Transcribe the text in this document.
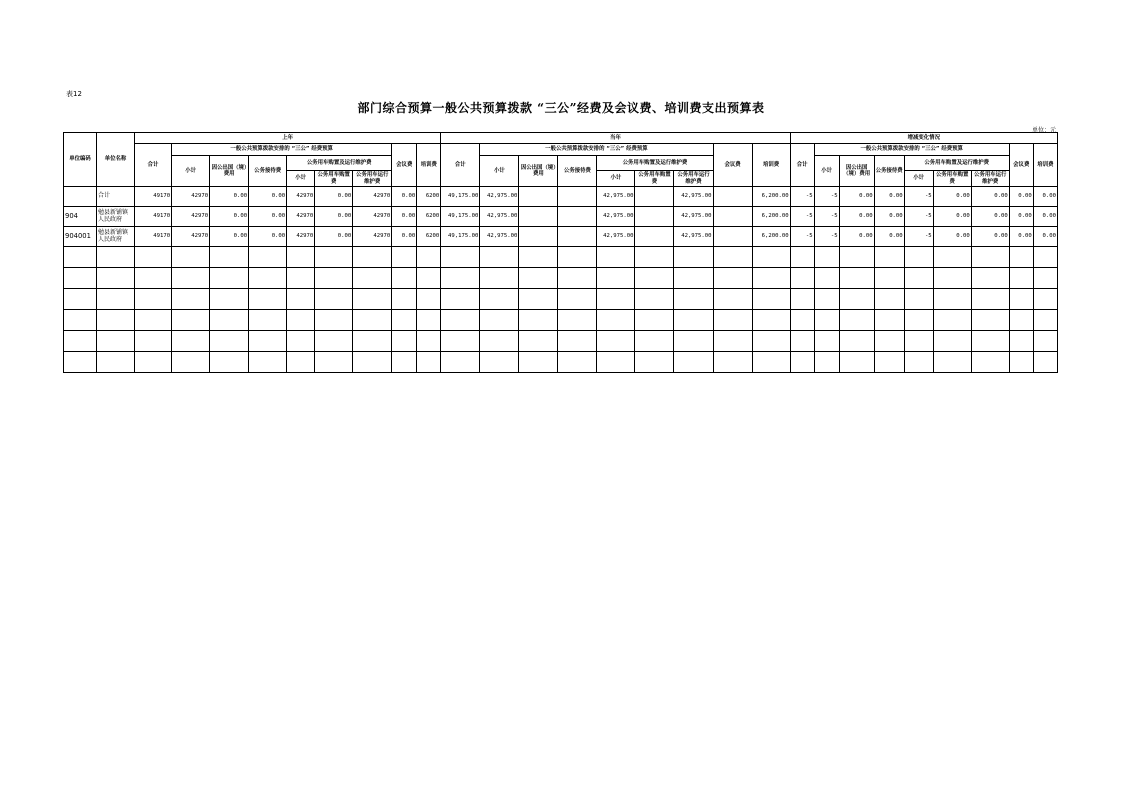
表12
部门综合预算一般公共预算拨款 “三公”经费及会议费、培训费支出预算表
单位：元
单位编码	单位名称	上年									当年									增减变化情况								
		合计	一般公共预算拨款安排的 “三公” 经费预算						会议费	培训费	合计	一般公共预算拨款安排的 “三公” 经费预算						会议费	培训费	合计	一般公共预算拨款安排的 “三公” 经费预算						会议费	培训费
			小计	因公出国（境）费用	公务接待费	公务用车购置及运行维护费						小计	因公出国（境）费用	公务接待费	公务用车购置及运行维护费						小计	因公出国（境）费用	公务接待费	公务用车购置及运行维护费				
						小计	公务用车购置费	公务用车运行维护费							小计	公务用车购置费	公务用车运行维护费							小计	公务用车购置费	公务用车运行维护费		

	合计	49170	42970	0.00	0.00	42970	0.00	42970	0.00	6200	49,175.00	42,975.00			42,975.00		42,975.00		6,200.00	-5	-5	0.00	0.00	-5	0.00	0.00	0.00	0.00
904	勉县新铺镇人民政府	49170	42970	0.00	0.00	42970	0.00	42970	0.00	6200	49,175.00	42,975.00			42,975.00		42,975.00		6,200.00	-5	-5	0.00	0.00	-5	0.00	0.00	0.00	0.00
904001	勉县新铺镇人民政府	49170	42970	0.00	0.00	42970	0.00	42970	0.00	6200	49,175.00	42,975.00			42,975.00		42,975.00		6,200.00	-5	-5	0.00	0.00	-5	0.00	0.00	0.00	0.00
